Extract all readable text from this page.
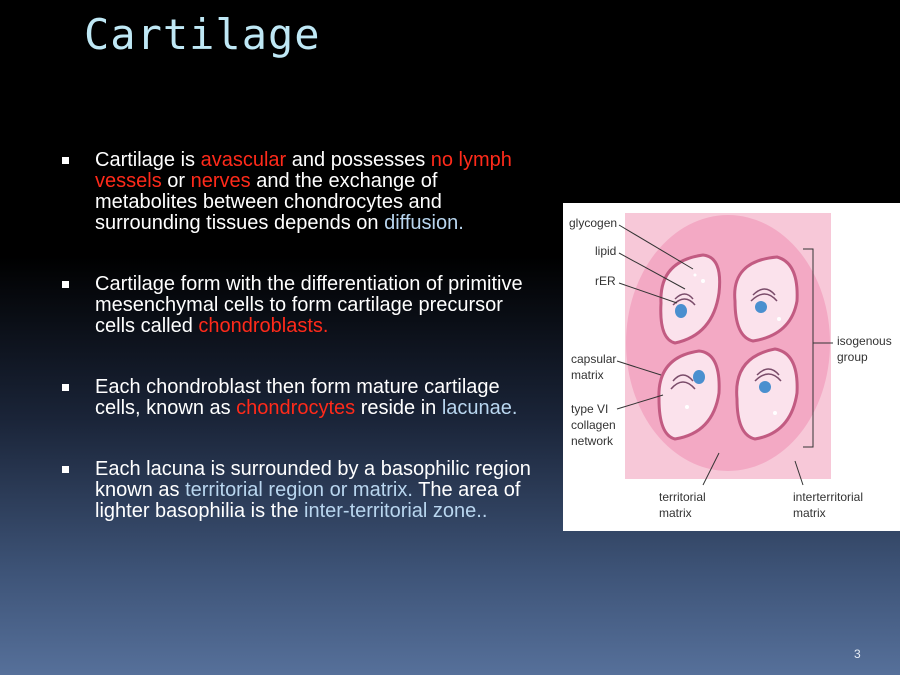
Cartilage
Cartilage is avascular and possesses no lymph vessels or nerves and the exchange of metabolites between chondrocytes and surrounding tissues depends on diffusion.
Cartilage form with the differentiation of primitive mesenchymal cells to form cartilage precursor cells called chondroblasts.
Each chondroblast then form mature cartilage cells, known as chondrocytes reside in lacunae.
Each lacuna is surrounded by a basophilic region known as territorial region or matrix. The area of lighter basophilia is the inter-territorial zone..
glycogen
lipid
rER
capsular
matrix
type VI
collagen
network
isogenous
group
territorial
matrix
interterritorial
matrix
3
